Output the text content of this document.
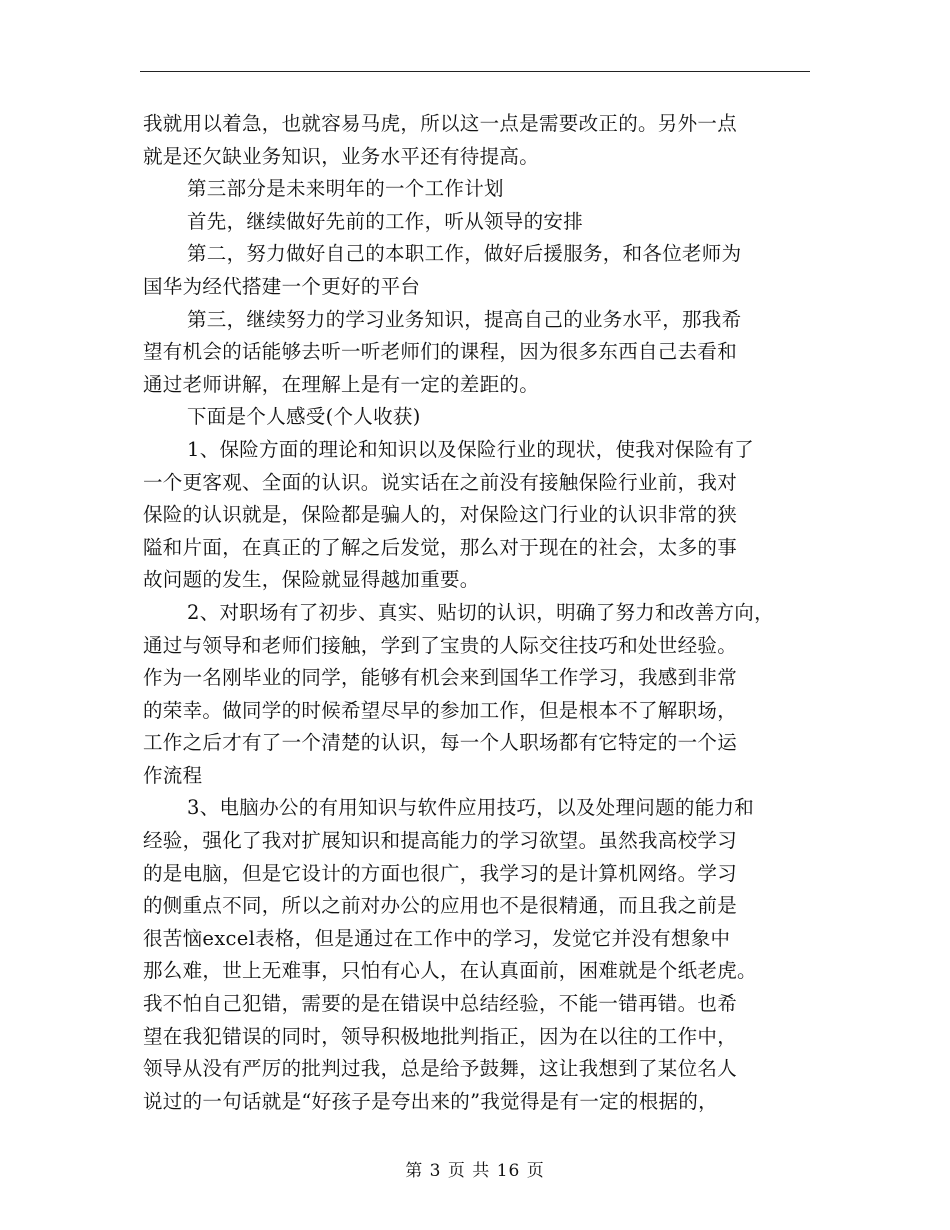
我就用以着急，也就容易马虎，所以这一点是需要改正的。另外一点
就是还欠缺业务知识，业务水平还有待提高。
第三部分是未来明年的一个工作计划
首先，继续做好先前的工作，听从领导的安排
第二，努力做好自己的本职工作，做好后援服务，和各位老师为
国华为经代搭建一个更好的平台
第三，继续努力的学习业务知识，提高自己的业务水平，那我希
望有机会的话能够去听一听老师们的课程，因为很多东西自己去看和
通过老师讲解，在理解上是有一定的差距的。
下面是个人感受(个人收获)
1、保险方面的理论和知识以及保险行业的现状，使我对保险有了
一个更客观、全面的认识。说实话在之前没有接触保险行业前，我对
保险的认识就是，保险都是骗人的，对保险这门行业的认识非常的狭
隘和片面，在真正的了解之后发觉，那么对于现在的社会，太多的事
故问题的发生，保险就显得越加重要。
2、对职场有了初步、真实、贴切的认识，明确了努力和改善方向，
通过与领导和老师们接触，学到了宝贵的人际交往技巧和处世经验。
作为一名刚毕业的同学，能够有机会来到国华工作学习，我感到非常
的荣幸。做同学的时候希望尽早的参加工作，但是根本不了解职场，
工作之后才有了一个清楚的认识，每一个人职场都有它特定的一个运
作流程
3、电脑办公的有用知识与软件应用技巧，以及处理问题的能力和
经验，强化了我对扩展知识和提高能力的学习欲望。虽然我高校学习
的是电脑，但是它设计的方面也很广，我学习的是计算机网络。学习
的侧重点不同，所以之前对办公的应用也不是很精通，而且我之前是
很苦恼excel表格，但是通过在工作中的学习，发觉它并没有想象中
那么难，世上无难事，只怕有心人，在认真面前，困难就是个纸老虎。
我不怕自己犯错，需要的是在错误中总结经验，不能一错再错。也希
望在我犯错误的同时，领导积极地批判指正，因为在以往的工作中，
领导从没有严厉的批判过我，总是给予鼓舞，这让我想到了某位名人
说过的一句话就是“好孩子是夸出来的”我觉得是有一定的根据的，
第 3 页 共 16 页
